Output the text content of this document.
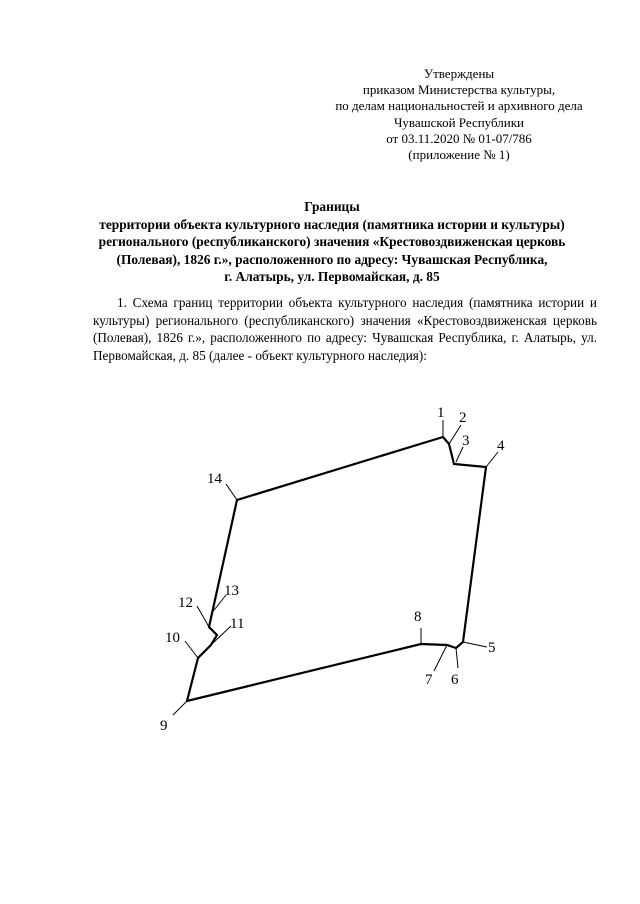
Утверждены
приказом Министерства культуры,
по делам национальностей и архивного дела
Чувашской Республики
от 03.11.2020 № 01-07/786
(приложение № 1)
Границы
территории объекта культурного наследия (памятника истории и культуры)
регионального (республиканского) значения «Крестовоздвиженская церковь
(Полевая), 1826 г.», расположенного по адресу: Чувашская Республика,
г. Алатырь, ул. Первомайская, д. 85
1. Схема границ территории объекта культурного наследия (памятника истории и культуры) регионального (республиканского) значения «Крестовоздвиженская церковь (Полевая), 1826 г.», расположенного по адресу: Чувашская Республика, г. Алатырь, ул. Первомайская, д. 85 (далее - объект культурного наследия):
1 2
3 4
5
6
7
8
9
10
11
12
13
14
